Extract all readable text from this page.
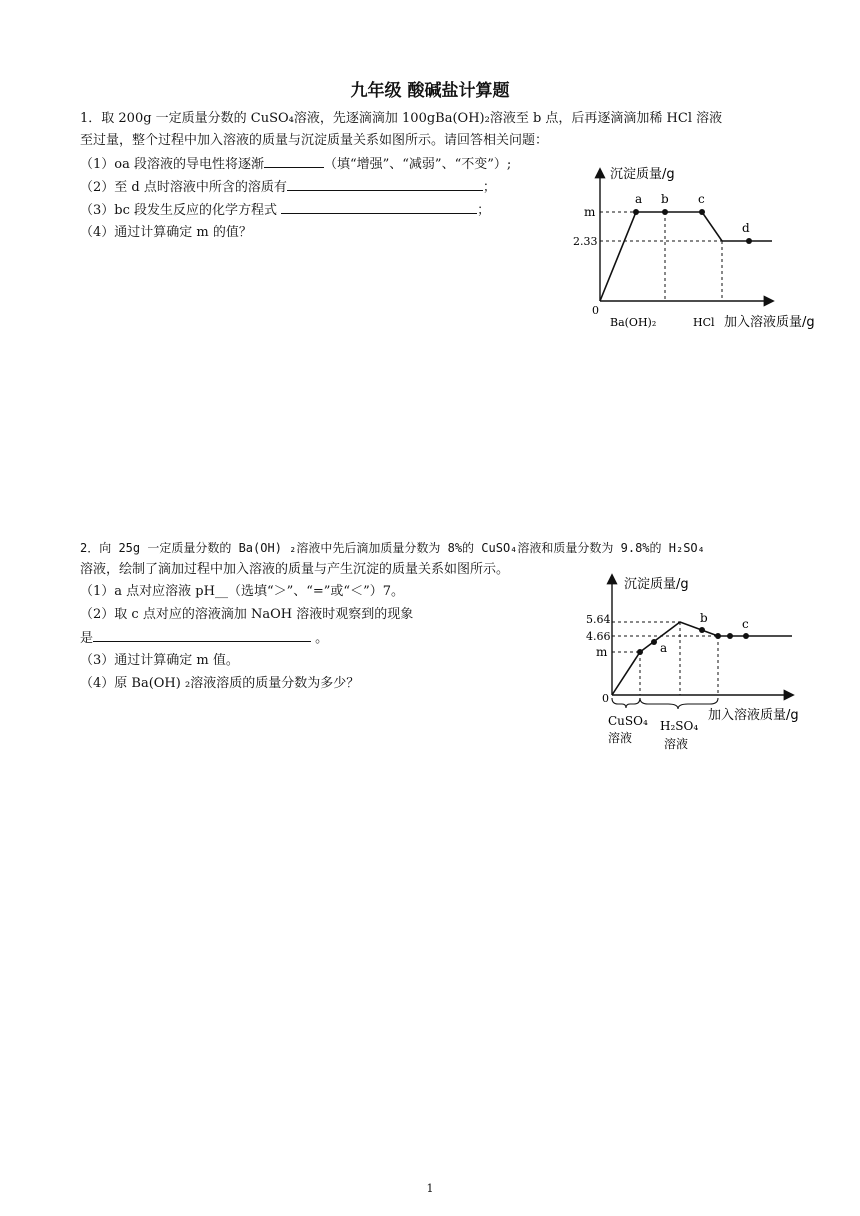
九年级 酸碱盐计算题
1．取 200g 一定质量分数的 CuSO₄溶液，先逐滴滴加 100gBa(OH)₂溶液至 b 点，后再逐滴滴加稀 HCl 溶液
至过量，整个过程中加入溶液的质量与沉淀质量关系如图所示。请回答相关问题：
（1）oa 段溶液的导电性将逐渐	（填“增强”、“减弱”、“不变”）;
（2）至 d 点时溶液中所含的溶质有	；
（3）bc 段发生反应的化学方程式	；
（4）通过计算确定 m 的值？
沉淀质量/g
加入溶液质量/g
0
m
2.33
Ba(OH)₂	HCl
a b c
d
2．向 25g 一定质量分数的 Ba(OH) ₂溶液中先后滴加质量分数为 8%的 CuSO₄溶液和质量分数为 9.8%的 H₂SO₄
溶液，绘制了滴加过程中加入溶液的质量与产生沉淀的质量关系如图所示。
（1）a 点对应溶液 pH__（选填“＞”、“=”或“＜”）7。
（2）取 c 点对应的溶液滴加 NaOH 溶液时观察到的现象
是	。
（3）通过计算确定 m 值。
（4）原 Ba(OH) ₂溶液溶质的质量分数为多少？
沉淀质量/g
加入溶液质量/g
0
5.64
4.66
m	a
b	c
CuSO₄
溶液
H₂SO₄
溶液
1
